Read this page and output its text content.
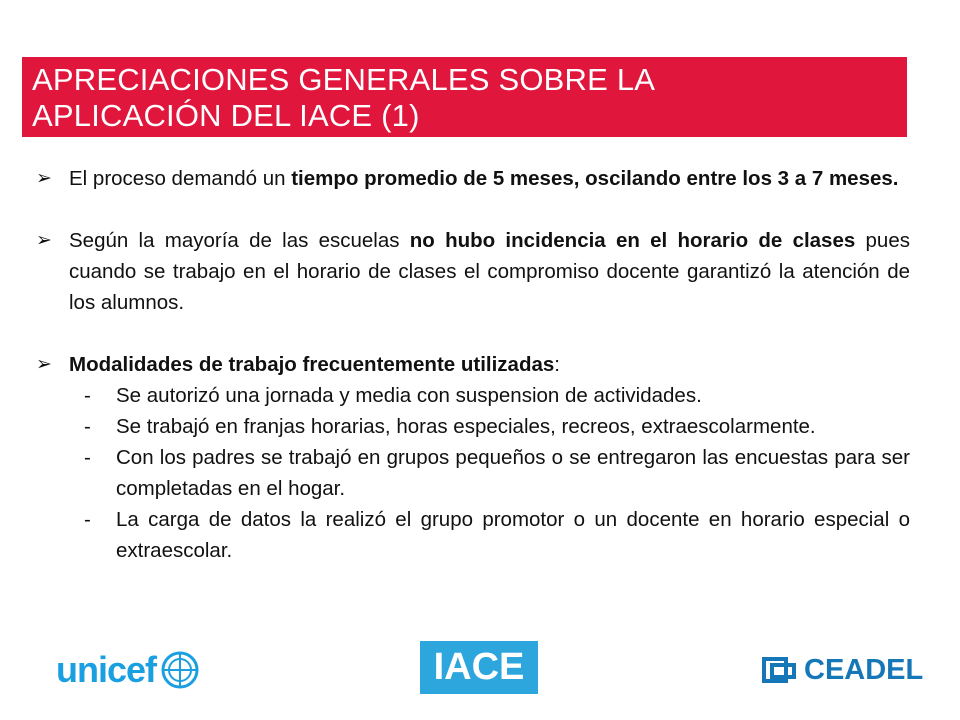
APRECIACIONES GENERALES SOBRE LA
APLICACIÓN DEL IACE (1)
➢ El proceso demandó un tiempo promedio de 5 meses, oscilando entre los 3 a 7 meses.
➢ Según la mayoría de las escuelas no hubo incidencia en el horario de clases pues cuando se trabajo en el horario de clases el compromiso docente garantizó la atención de los alumnos.
➢ Modalidades de trabajo frecuentemente utilizadas:
- Se autorizó una jornada y media con suspension de actividades.
- Se trabajó en franjas horarias, horas especiales, recreos, extraescolarmente.
- Con los padres se trabajó en grupos pequeños o se entregaron las encuestas para ser completadas en el hogar.
- La carga de datos la realizó el grupo promotor o un docente en horario especial o extraescolar.
unicef	IACE	CEADEL
